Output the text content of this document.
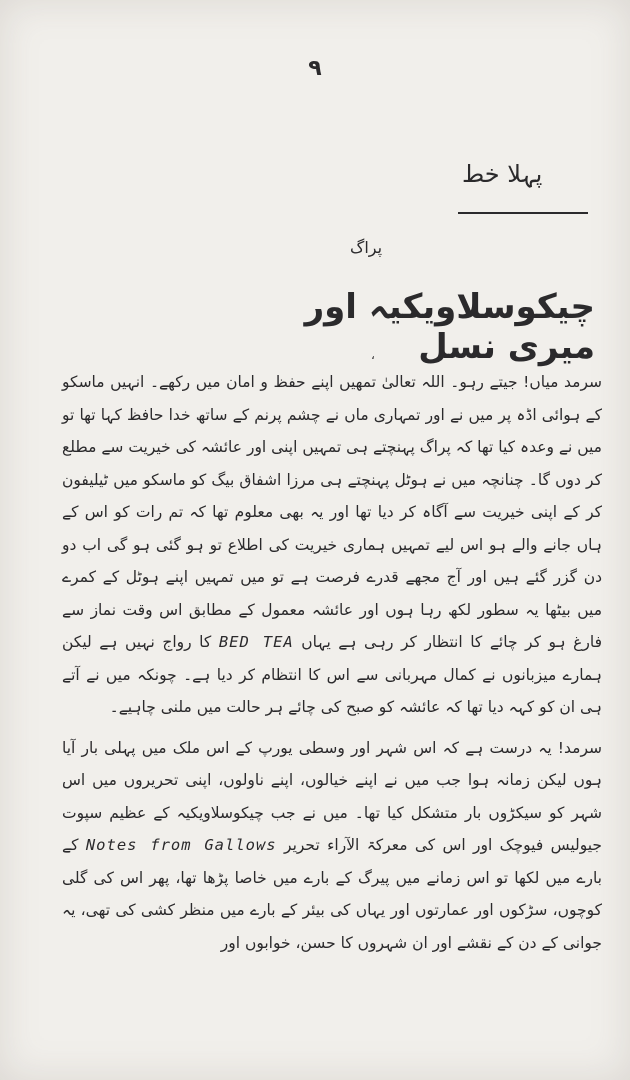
۹
پہلا خط
پراگ
چیکوسلاویکیہ اور میری نسل
،

سرمد میاں! جیتے رہو۔ اللہ تعالیٰ تمھیں اپنے حفظ و امان میں رکھے۔ انہیں ماسکو کے ہوائی اڈہ پر میں نے اور تمہاری ماں نے چشم پرنم کے ساتھ خدا حافظ کہا تھا تو میں نے وعدہ کیا تھا کہ پراگ پہنچتے ہی تمہیں اپنی اور عائشہ کی خیریت سے مطلع کر دوں گا۔ چنانچہ میں نے ہوٹل پہنچتے ہی مرزا اشفاق بیگ کو ماسکو میں ٹیلیفون کر کے اپنی خیریت سے آگاہ کر دیا تھا اور یہ بھی معلوم تھا کہ تم رات کو اس کے ہاں جانے والے ہو اس لیے تمہیں ہماری خیریت کی اطلاع تو ہو گئی ہو گی اب دو دن گزر گئے ہیں اور آج مجھے قدرے فرصت ہے تو میں تمہیں اپنے ہوٹل کے کمرے میں بیٹھا یہ سطور لکھ رہا ہوں اور عائشہ معمول کے مطابق اس وقت نماز سے فارغ ہو کر چائے کا انتظار کر رہی ہے یہاں BED TEA کا رواج نہیں ہے لیکن ہمارے میزبانوں نے کمال مہربانی سے اس کا انتظام کر دیا ہے۔ چونکہ میں نے آتے ہی ان کو کہہ دیا تھا کہ عائشہ کو صبح کی چائے ہر حالت میں ملنی چاہیے۔

سرمد! یہ درست ہے کہ اس شہر اور وسطی یورپ کے اس ملک میں پہلی بار آیا ہوں لیکن زمانہ ہوا جب میں نے اپنے خیالوں، اپنے ناولوں، اپنی تحریروں میں اس شہر کو سیکڑوں بار متشکل کیا تھا۔ میں نے جب چیکوسلاویکیہ کے عظیم سپوت جیولیس فیوچک اور اس کی معرکۃ الآراء تحریر Notes from Gallows کے بارے میں لکھا تو اس زمانے میں پیرگ کے بارے میں خاصا پڑھا تھا، پھر اس کی گلی کوچوں، سڑکوں اور عمارتوں اور یہاں کی بیئر کے بارے میں منظر کشی کی تھی، یہ جوانی کے دن کے نقشے اور ان شہروں کا حسن، خوابوں اور
